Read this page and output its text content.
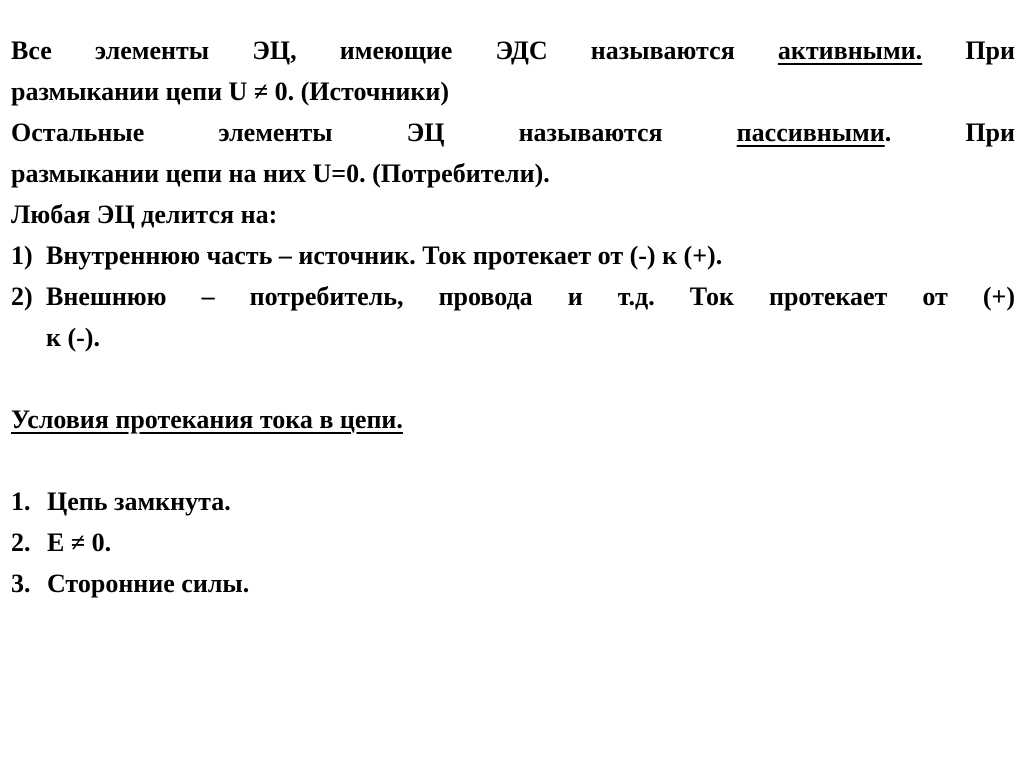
Все элементы ЭЦ, имеющие ЭДС называются активными. При
размыкании цепи U ≠ 0. (Источники)
Остальные элементы ЭЦ называются пассивными. При
размыкании цепи на них U=0. (Потребители).
Любая ЭЦ делится на:
1) Внутреннюю часть – источник. Ток протекает от (-) к (+).
2) Внешнюю – потребитель, провода и т.д. Ток протекает от (+)
к (-).
Условия протекания тока в цепи.
1. Цепь замкнута.
2. E ≠ 0.
3. Сторонние силы.
